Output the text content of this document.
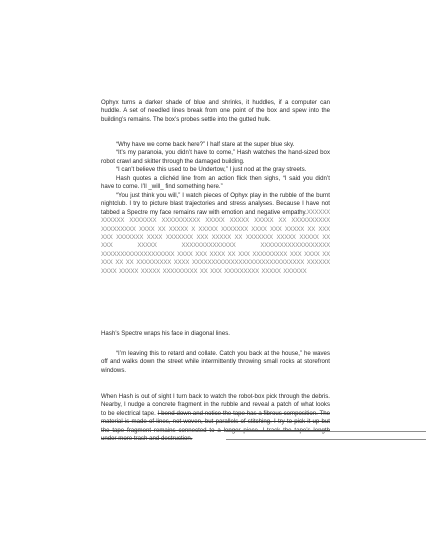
Ophyx turns a darker shade of blue and shrinks, it huddles, if a computer can huddle. A set of needled lines break from one point of the box and spew into the building’s remains. The box’s probes settle into the gutted hulk.

“Why have we come back here?” I half stare at the super blue sky.

“It’s my paranoia, you didn’t have to come,” Hash watches the hand-sized box robot crawl and skitter through the damaged building.

“I can’t believe this used to be Undertow,” I just nod at the gray streets.

Hash quotes a clichéd line from an action flick then sighs, “I said you didn’t have to come. I’ll _will_ find something here.”

“You just think you will,” I watch pieces of Ophyx play in the rubble of the burnt nightclub. I try to picture blast trajectories and stress analyses. Because I have not tabbed a Spectre my face remains raw with emotion and negative empathy.XXXXXX XXXXXX XXXXXXX XXXXXXXXXX XXXXX XXXXX XXXXX XX XXXXXXXXXX XXXXXXXXX XXXX XX XXXXX X XXXXX XXXXXXX XXXX XXX XXXXX XX XXX XXX XXXXXXX XXXX XXXXXXX XXX XXXXX XX XXXXXXX XXXXX XXXXX XX XXX XXXXX XXXXXXXXXXXXXX XXXXXXXXXXXXXXXXXX XXXXXXXXXXXXXXXXXXX XXXX XXX XXXX XX XXX XXXXXXXXX XXX XXXX XX XXX XX XX XXXXXXXXX XXXX XXXXXXXXXXXXXXXXXXXXXXXXXXXXX XXXXXX XXXX XXXXX XXXXX XXXXXXXXX XX XXX XXXXXXXXX XXXXX XXXXXX

Hash’s Spectre wraps his face in diagonal lines.

“I’m leaving this to retard and collate. Catch you back at the house,” he waves off and walks down the street while intermittently throwing small rocks at storefront windows.

When Hash is out of sight I turn back to watch the robot-box pick through the debris. Nearby, I nudge a concrete fragment in the rubble and reveal a patch of what looks to be electrical tape. I bend down and notice the tape has a fibrous composition. The material is made of lines, not woven, but parallels of stitching. I try to pick it up but the tape fragment remains connected to a longer piece. I track the tape’s length under more trash and destruction.
